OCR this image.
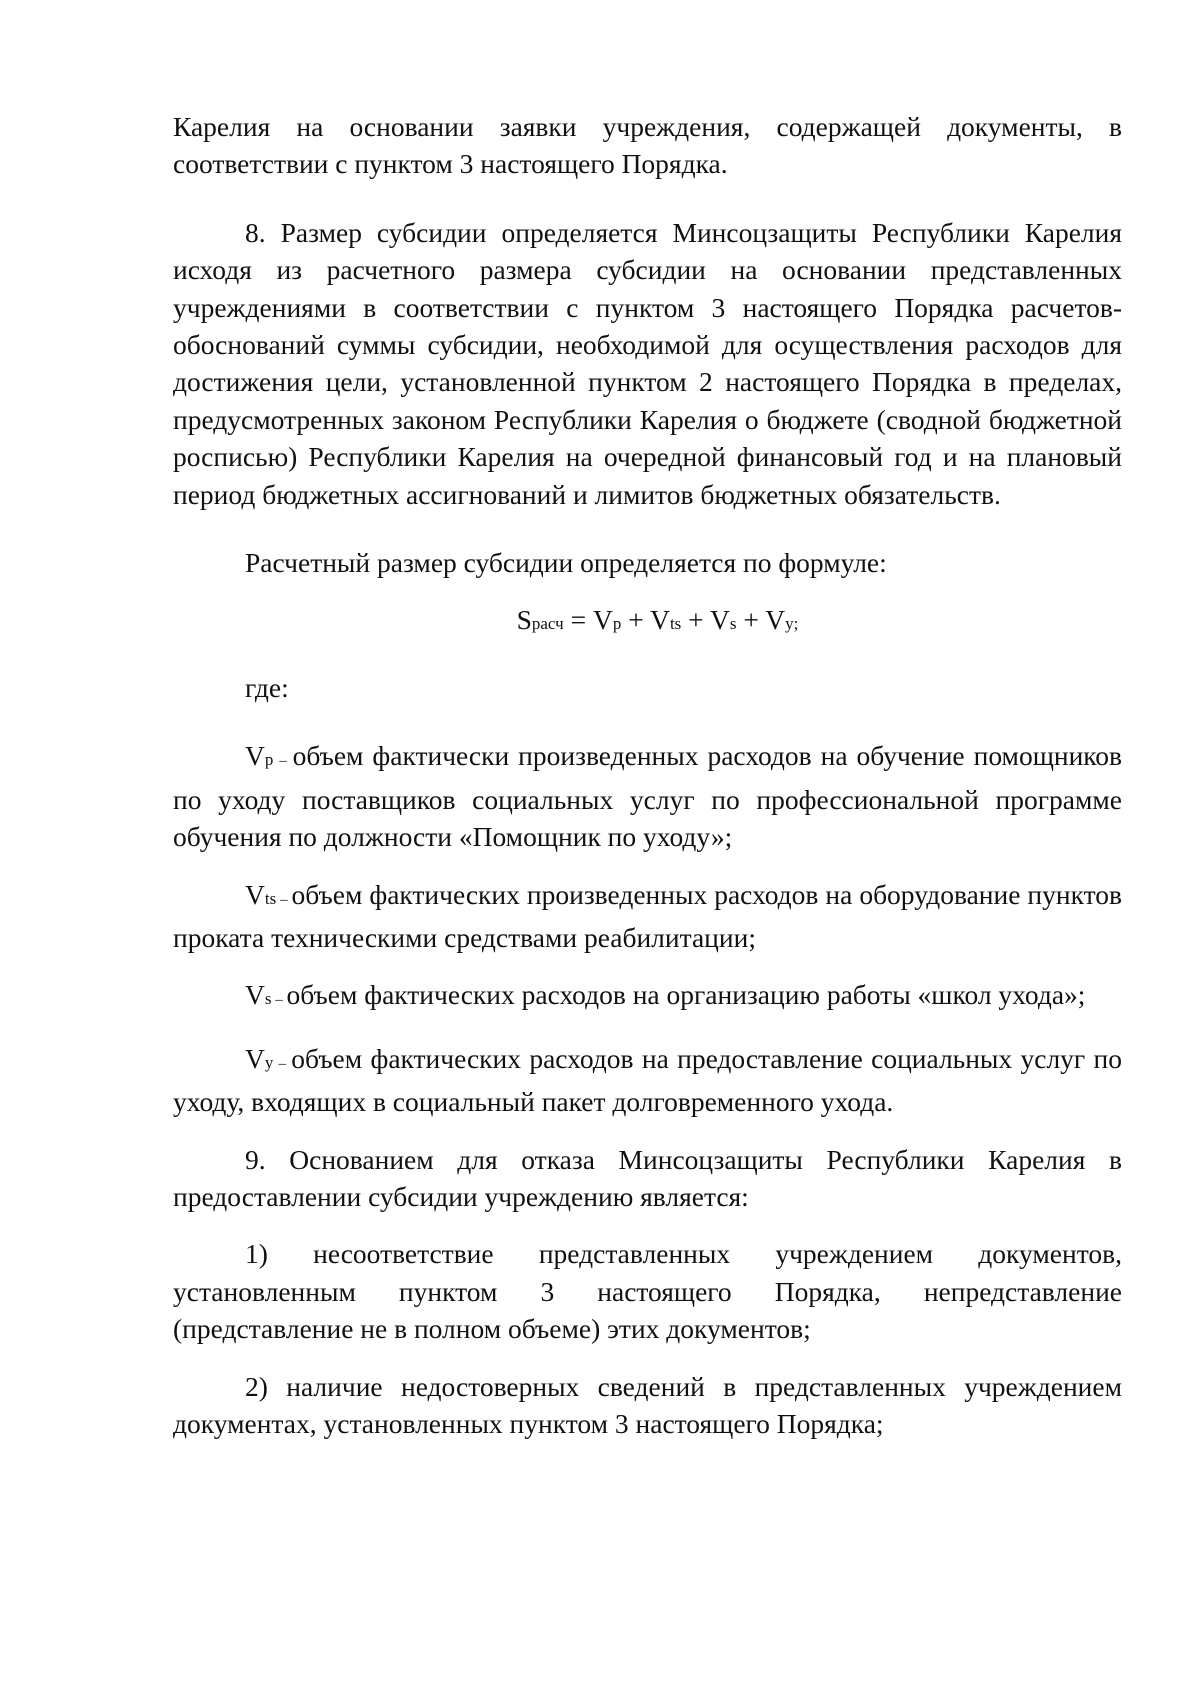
Карелия на основании заявки учреждения, содержащей документы, в соответствии с пунктом 3 настоящего Порядка.

8. Размер субсидии определяется Минсоцзащиты Республики Карелия исходя из расчетного размера субсидии на основании представленных учреждениями в соответствии с пунктом 3 настоящего Порядка расчетов-обоснований суммы субсидии, необходимой для осуществления расходов для достижения цели, установленной пунктом 2 настоящего Порядка в пределах, предусмотренных законом Республики Карелия о бюджете (сводной бюджетной росписью) Республики Карелия на очередной финансовый год и на плановый период бюджетных ассигнований и лимитов бюджетных обязательств.

Расчетный размер субсидии определяется по формуле:

Sрасч = Vp + Vts + Vs + Vy;

где:

Vp – объем фактически произведенных расходов на обучение помощников по уходу поставщиков социальных услуг по профессиональной программе обучения по должности «Помощник по уходу»;

Vts – объем фактических произведенных расходов на оборудование пунктов проката техническими средствами реабилитации;

Vs – объем фактических расходов на организацию работы «школ ухода»;

Vy – объем фактических расходов на предоставление социальных услуг по уходу, входящих в социальный пакет долговременного ухода.

9. Основанием для отказа Минсоцзащиты Республики Карелия в предоставлении субсидии учреждению является:

1) несоответствие представленных учреждением документов, установленным пунктом 3 настоящего Порядка, непредставление (представление не в полном объеме) этих документов;

2) наличие недостоверных сведений в представленных учреждением документах, установленных пунктом 3 настоящего Порядка;
